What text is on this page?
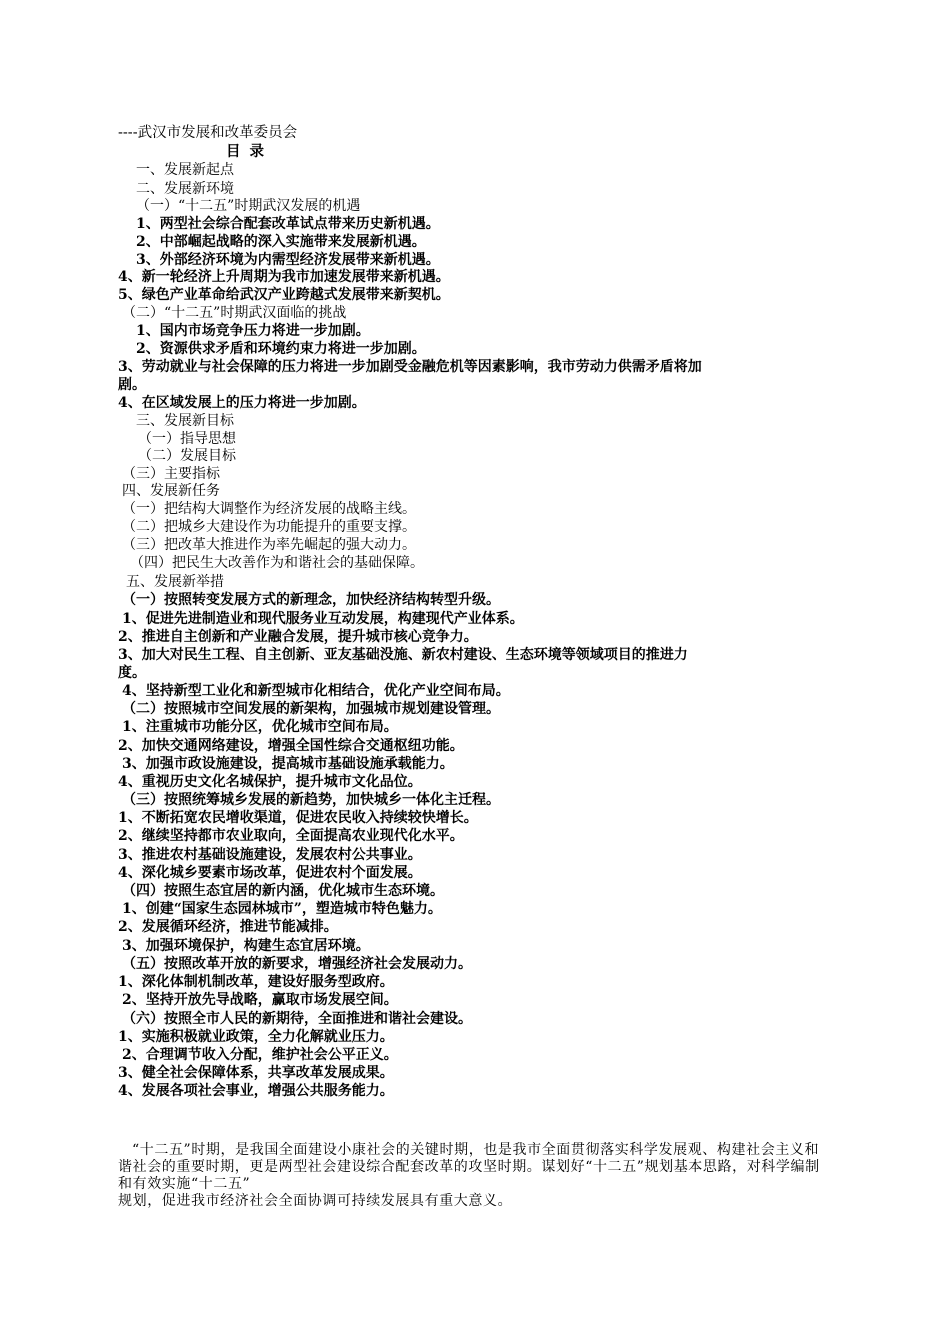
----武汉市发展和改革委员会
目 录
一、发展新起点
二、发展新环境
（一）“十二五”时期武汉发展的机遇
1、两型社会综合配套改革试点带来历史新机遇。
2、中部崛起战略的深入实施带来发展新机遇。
3、外部经济环境为内需型经济发展带来新机遇。
4、新一轮经济上升周期为我市加速发展带来新机遇。
5、绿色产业革命给武汉产业跨越式发展带来新契机。
（二）“十二五”时期武汉面临的挑战
1、国内市场竞争压力将进一步加剧。
2、资源供求矛盾和环境约束力将进一步加剧。
3、劳动就业与社会保障的压力将进一步加剧受金融危机等因素影响，我市劳动力供需矛盾将加
剧。
4、在区域发展上的压力将进一步加剧。
三、发展新目标
（一）指导思想
（二）发展目标
（三）主要指标
四、发展新任务
（一）把结构大调整作为经济发展的战略主线。
（二）把城乡大建设作为功能提升的重要支撑。
（三）把改革大推进作为率先崛起的强大动力。
（四）把民生大改善作为和谐社会的基础保障。
五、发展新举措
（一）按照转变发展方式的新理念，加快经济结构转型升级。
1、促进先进制造业和现代服务业互动发展，构建现代产业体系。
2、推进自主创新和产业融合发展，提升城市核心竞争力。
3、加大对民生工程、自主创新、亚友基础没施、新农村建设、生态环境等领域项目的推进力
度。
4、坚持新型工业化和新型城市化相结合，优化产业空间布局。
（二）按照城市空间发展的新架构，加强城市规划建设管理。
1、注重城市功能分区，优化城市空间布局。
2、加快交通网络建设，增强全国性综合交通枢纽功能。
3、加强市政设施建设，提高城市基础设施承载能力。
4、重视历史文化名城保护，提升城市文化品位。
（三）按照统筹城乡发展的新趋势，加快城乡一体化主迁程。
1、不断拓宽农民增收渠道，促进农民收入持续较快增长。
2、继续坚持都市农业取向，全面提高农业现代化水平。
3、推进农村基础设施建设，发展农村公共事业。
4、深化城乡要素市场改革，促进农村个面发展。
（四）按照生态宜居的新内涵，优化城市生态环境。
1、创建“国家生态园林城市”，塑造城市特色魅力。
2、发展循环经济，推进节能减排。
3、加强环境保护，构建生态宜居环境。
（五）按照改革开放的新要求，增强经济社会发展动力。
1、深化体制机制改革，建设好服务型政府。
2、坚持开放先导战略，赢取市场发展空间。
（六）按照全市人民的新期待，全面推进和谐社会建设。
1、实施积极就业政策，全力化解就业压力。
2、合理调节收入分配，维护社会公平正义。
3、健全社会保障体系，共享改革发展成果。
4、发展各项社会事业，增强公共服务能力。
“十二五”时期，是我国全面建设小康社会的关键时期，也是我市全面贯彻落实科学发展观、构建社会主义和谐社会的重要时期，更是两型社会建设综合配套改革的攻坚时期。谋划好“十二五”规划基本思路，对科学编制和有效实施“十二五”
规划，促进我市经济社会全面协调可持续发展具有重大意义。
